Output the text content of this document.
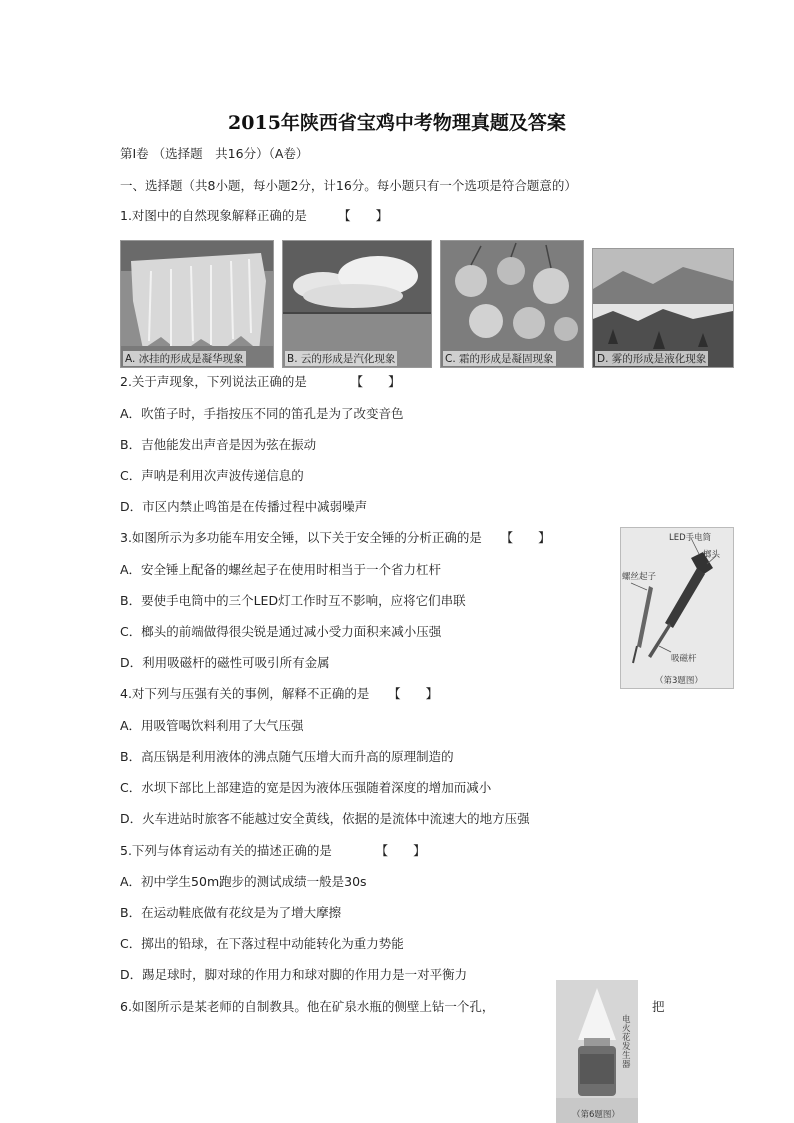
2015年陕西省宝鸡中考物理真题及答案
第I卷 （选择题　共16分）（A卷）
一、选择题（共8小题，每小题2分，计16分。每小题只有一个选项是符合题意的）
1.对图中的自然现象解释正确的是　　　【　　】
A. 冰挂的形成是凝华现象	B. 云的形成是汽化现象	C. 霜的形成是凝固现象	D. 雾的形成是液化现象
2.关于声现象，下列说法正确的是　　　　【　　】
A．吹笛子时，手指按压不同的笛孔是为了改变音色
B．吉他能发出声音是因为弦在振动
C．声呐是利用次声波传递信息的
D．市区内禁止鸣笛是在传播过程中减弱噪声
3.如图所示为多功能车用安全锤，以下关于安全锤的分析正确的是　　【　　】
A．安全锤上配备的螺丝起子在使用时相当于一个省力杠杆
B．要使手电筒中的三个LED灯工作时互不影响，应将它们串联
C．榔头的前端做得很尖锐是通过减小受力面积来减小压强
D．利用吸磁杆的磁性可吸引所有金属
LED手电筒
榔头
螺丝起子
吸磁杆
（第3题图）
4.对下列与压强有关的事例，解释不正确的是　　【　　】
A．用吸管喝饮料利用了大气压强
B．高压锅是利用液体的沸点随气压增大而升高的原理制造的
C．水坝下部比上部建造的宽是因为液体压强随着深度的增加而减小
D．火车进站时旅客不能越过安全黄线，依据的是流体中流速大的地方压强
5.下列与体育运动有关的描述正确的是　　　　【　　】
A．初中学生50m跑步的测试成绩一般是30s
B．在运动鞋底做有花纹是为了增大摩擦
C．掷出的铅球，在下落过程中动能转化为重力势能
D．踢足球时，脚对球的作用力和球对脚的作用力是一对平衡力
6.如图所示是某老师的自制教具。他在矿泉水瓶的侧壁上钻一个孔，	把
电火花发生器
（第6题图）
